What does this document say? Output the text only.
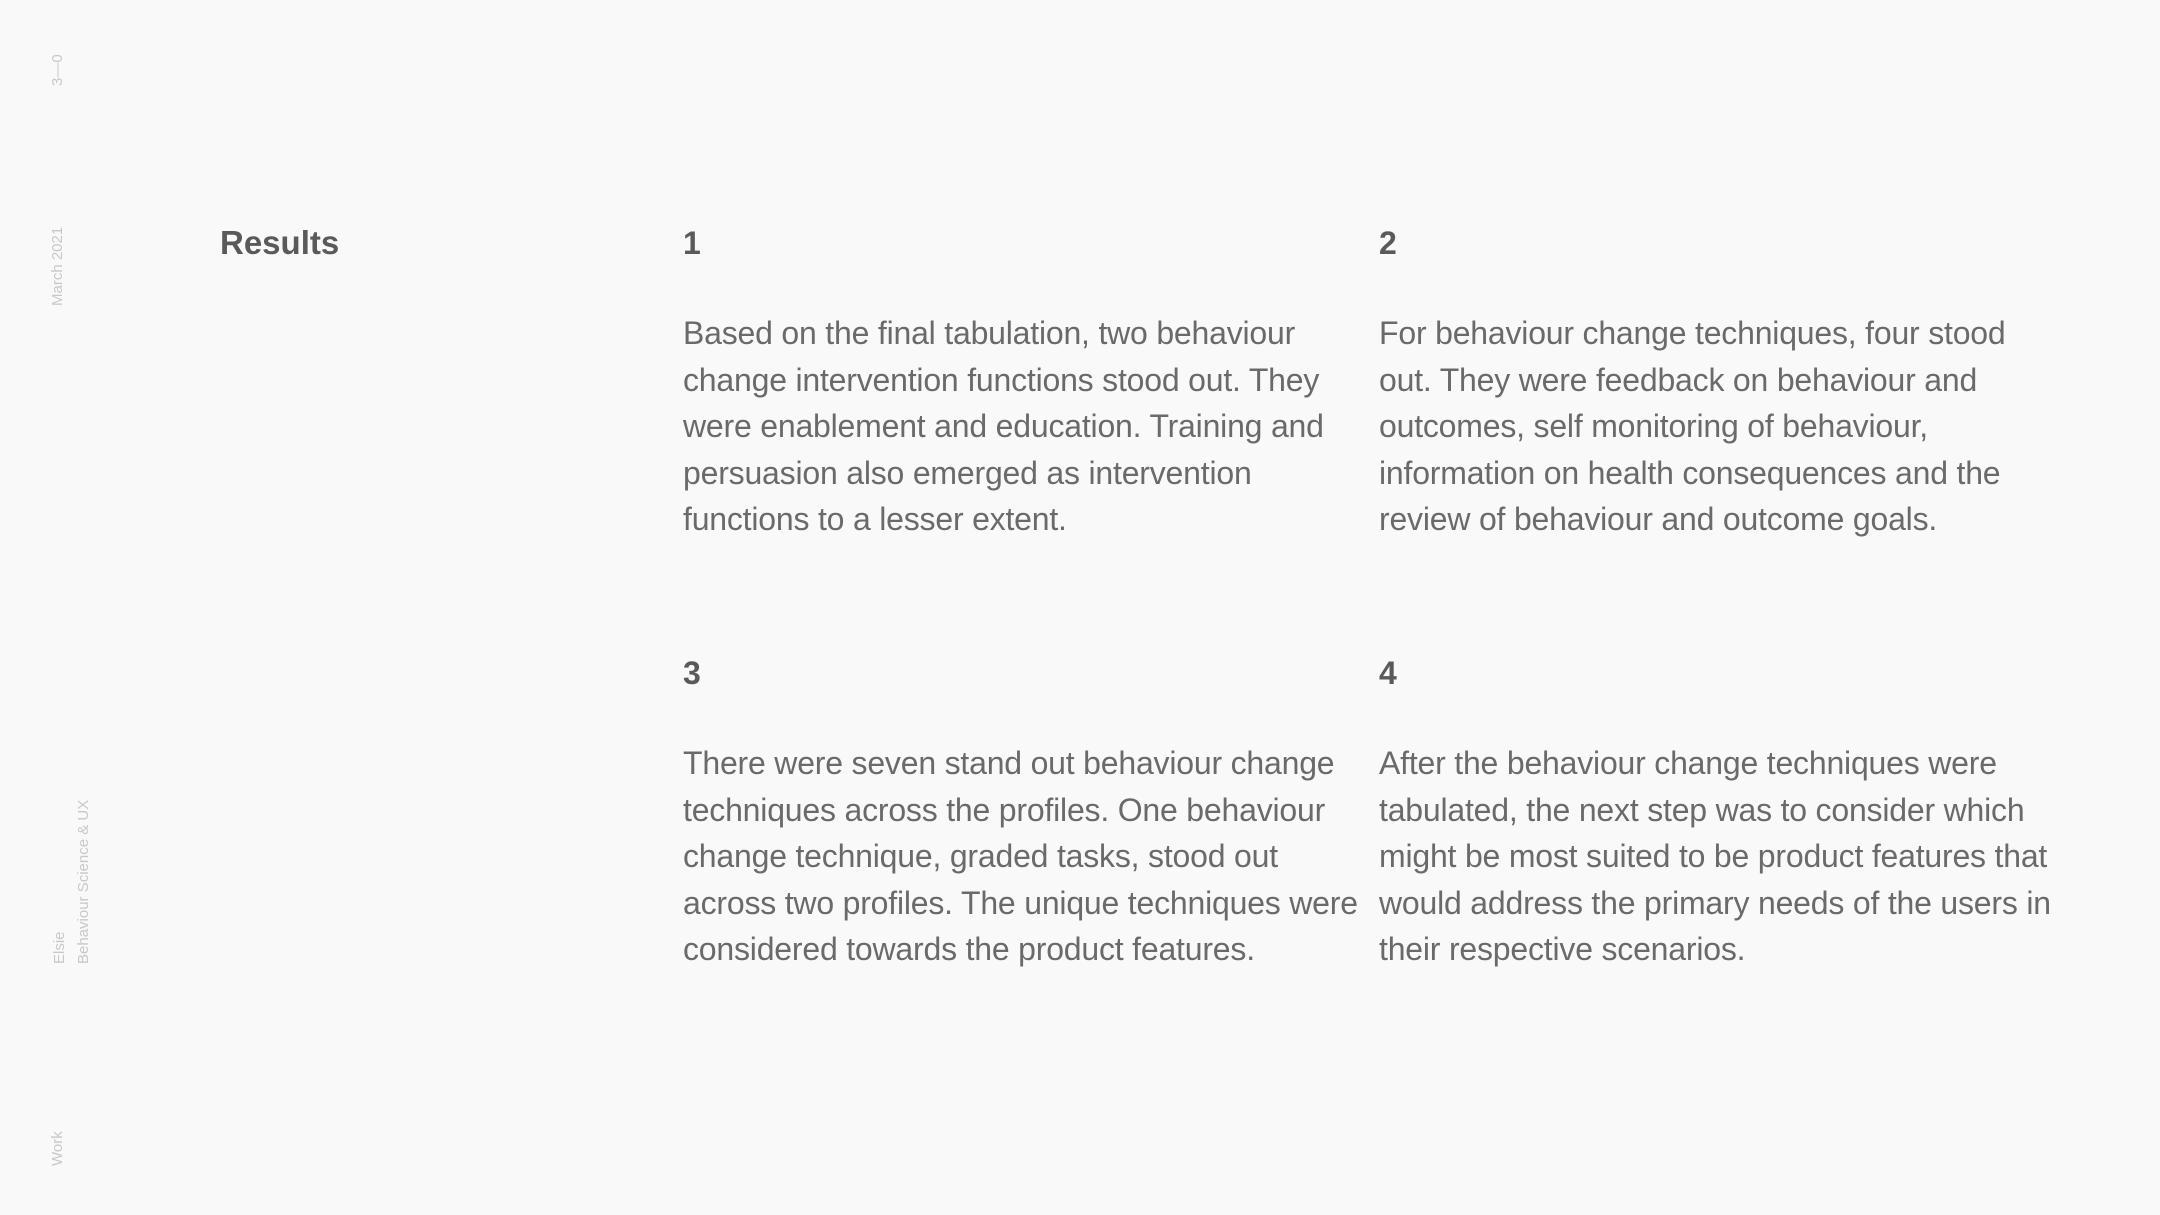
3—0

March 2021

Elsie Behaviour Science & UX

Work

Results	1

Based on the final tabulation, two behaviour change intervention functions stood out. They were enablement and education. Training and persuasion also emerged as intervention functions to a lesser extent.

2

For behaviour change techniques, four stood out. They were feedback on behaviour and outcomes, self monitoring of behaviour, information on health consequences and the review of behaviour and outcome goals.

3

There were seven stand out behaviour change techniques across the profiles. One behaviour change technique, graded tasks, stood out across two profiles. The unique techniques were considered towards the product features.

4

After the behaviour change techniques were tabulated, the next step was to consider which might be most suited to be product features that would address the primary needs of the users in their respective scenarios.
